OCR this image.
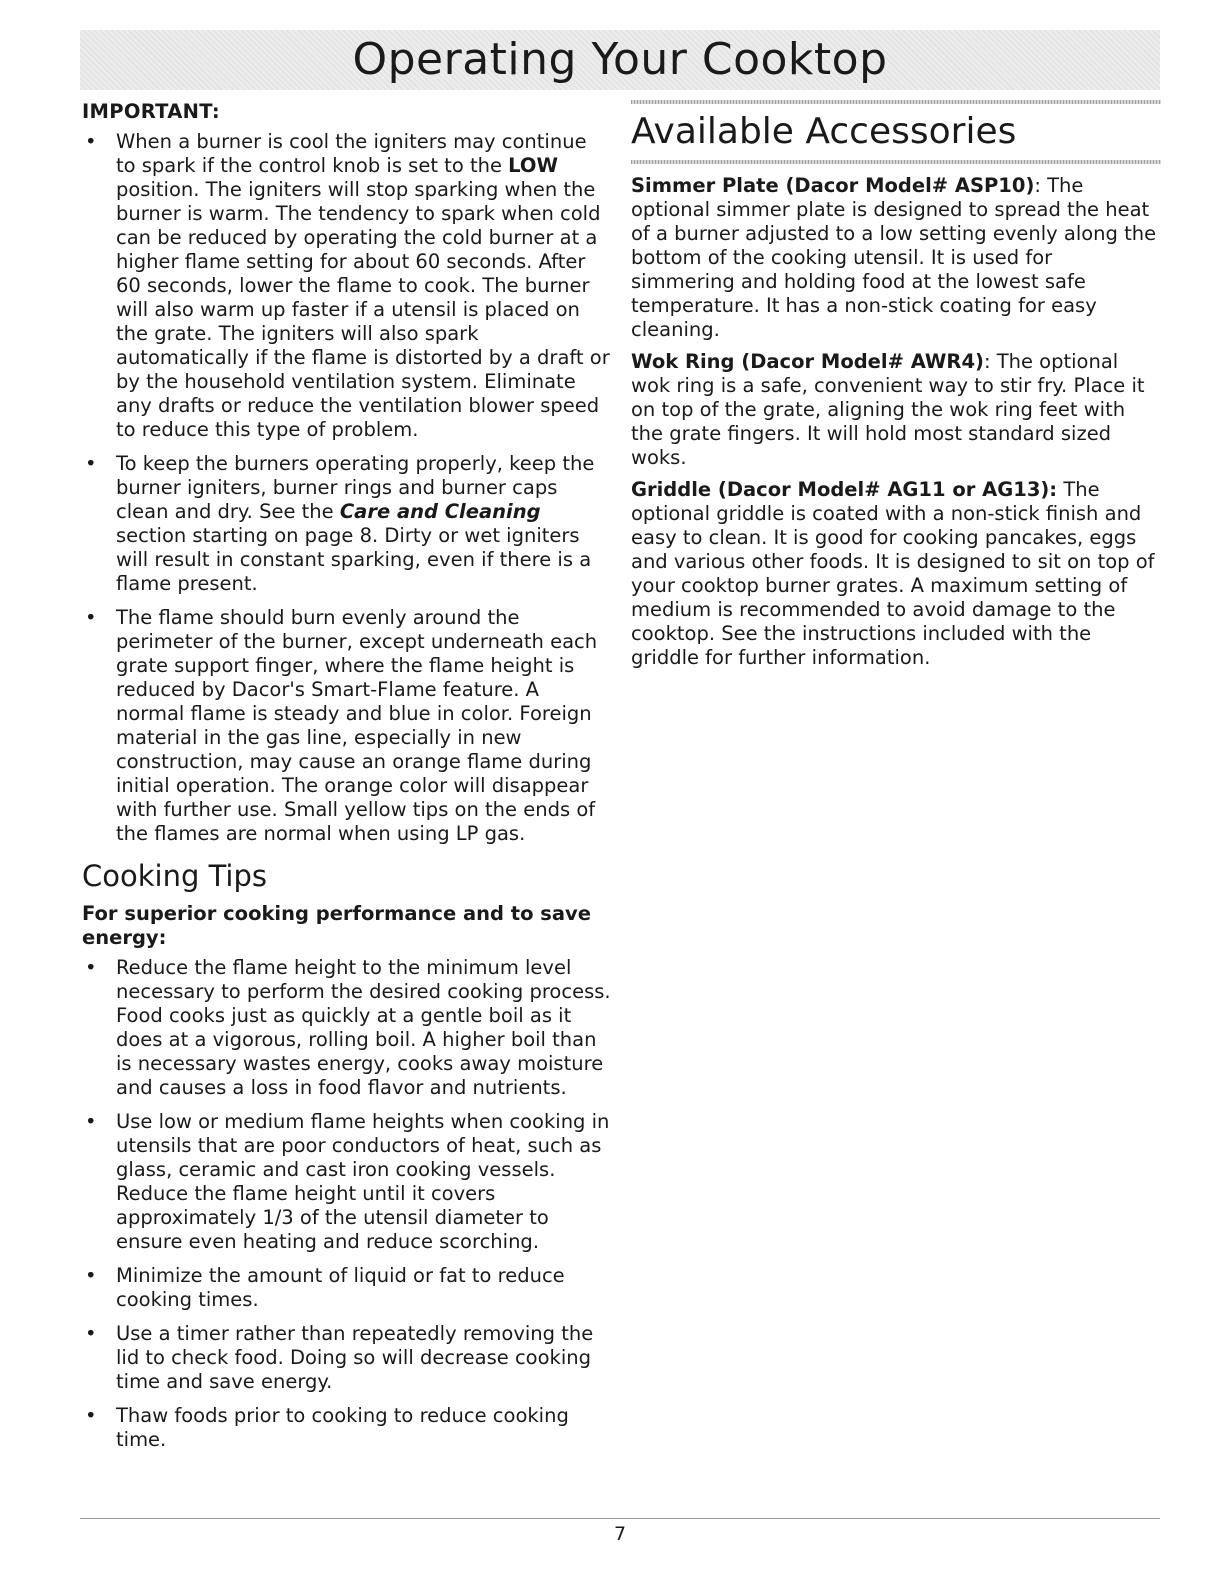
Operating Your Cooktop

IMPORTANT:

• When a burner is cool the igniters may continue to spark if the control knob is set to the LOW position. The igniters will stop sparking when the burner is warm. The tendency to spark when cold can be reduced by operating the cold burner at a higher flame setting for about 60 seconds. After 60 seconds, lower the flame to cook. The burner will also warm up faster if a utensil is placed on the grate. The igniters will also spark automatically if the flame is distorted by a draft or by the household ventilation system. Eliminate any drafts or reduce the ventilation blower speed to reduce this type of problem.
• To keep the burners operating properly, keep the burner igniters, burner rings and burner caps clean and dry. See the Care and Cleaning section starting on page 8. Dirty or wet igniters will result in constant sparking, even if there is a flame present.
• The flame should burn evenly around the perimeter of the burner, except underneath each grate support finger, where the flame height is reduced by Dacor's Smart-Flame feature. A normal flame is steady and blue in color. Foreign material in the gas line, especially in new construction, may cause an orange flame during initial operation. The orange color will disappear with further use. Small yellow tips on the ends of the flames are normal when using LP gas.
Cooking Tips

For superior cooking performance and to save energy:

• Reduce the flame height to the minimum level necessary to perform the desired cooking process. Food cooks just as quickly at a gentle boil as it does at a vigorous, rolling boil. A higher boil than is necessary wastes energy, cooks away moisture and causes a loss in food flavor and nutrients.
• Use low or medium flame heights when cooking in utensils that are poor conductors of heat, such as glass, ceramic and cast iron cooking vessels. Reduce the flame height until it covers approximately 1/3 of the utensil diameter to ensure even heating and reduce scorching.
• Minimize the amount of liquid or fat to reduce cooking times.
• Use a timer rather than repeatedly removing the lid to check food. Doing so will decrease cooking time and save energy.
• Thaw foods prior to cooking to reduce cooking time.
Available Accessories

Simmer Plate (Dacor Model# ASP10): The optional simmer plate is designed to spread the heat of a burner adjusted to a low setting evenly along the bottom of the cooking utensil. It is used for simmering and holding food at the lowest safe temperature. It has a non-stick coating for easy cleaning.

Wok Ring (Dacor Model# AWR4): The optional wok ring is a safe, convenient way to stir fry. Place it on top of the grate, aligning the wok ring feet with the grate fingers. It will hold most standard sized woks.

Griddle (Dacor Model# AG11 or AG13): The optional griddle is coated with a non-stick finish and easy to clean. It is good for cooking pancakes, eggs and various other foods. It is designed to sit on top of your cooktop burner grates. A maximum setting of medium is recommended to avoid damage to the cooktop. See the instructions included with the griddle for further information.

7
